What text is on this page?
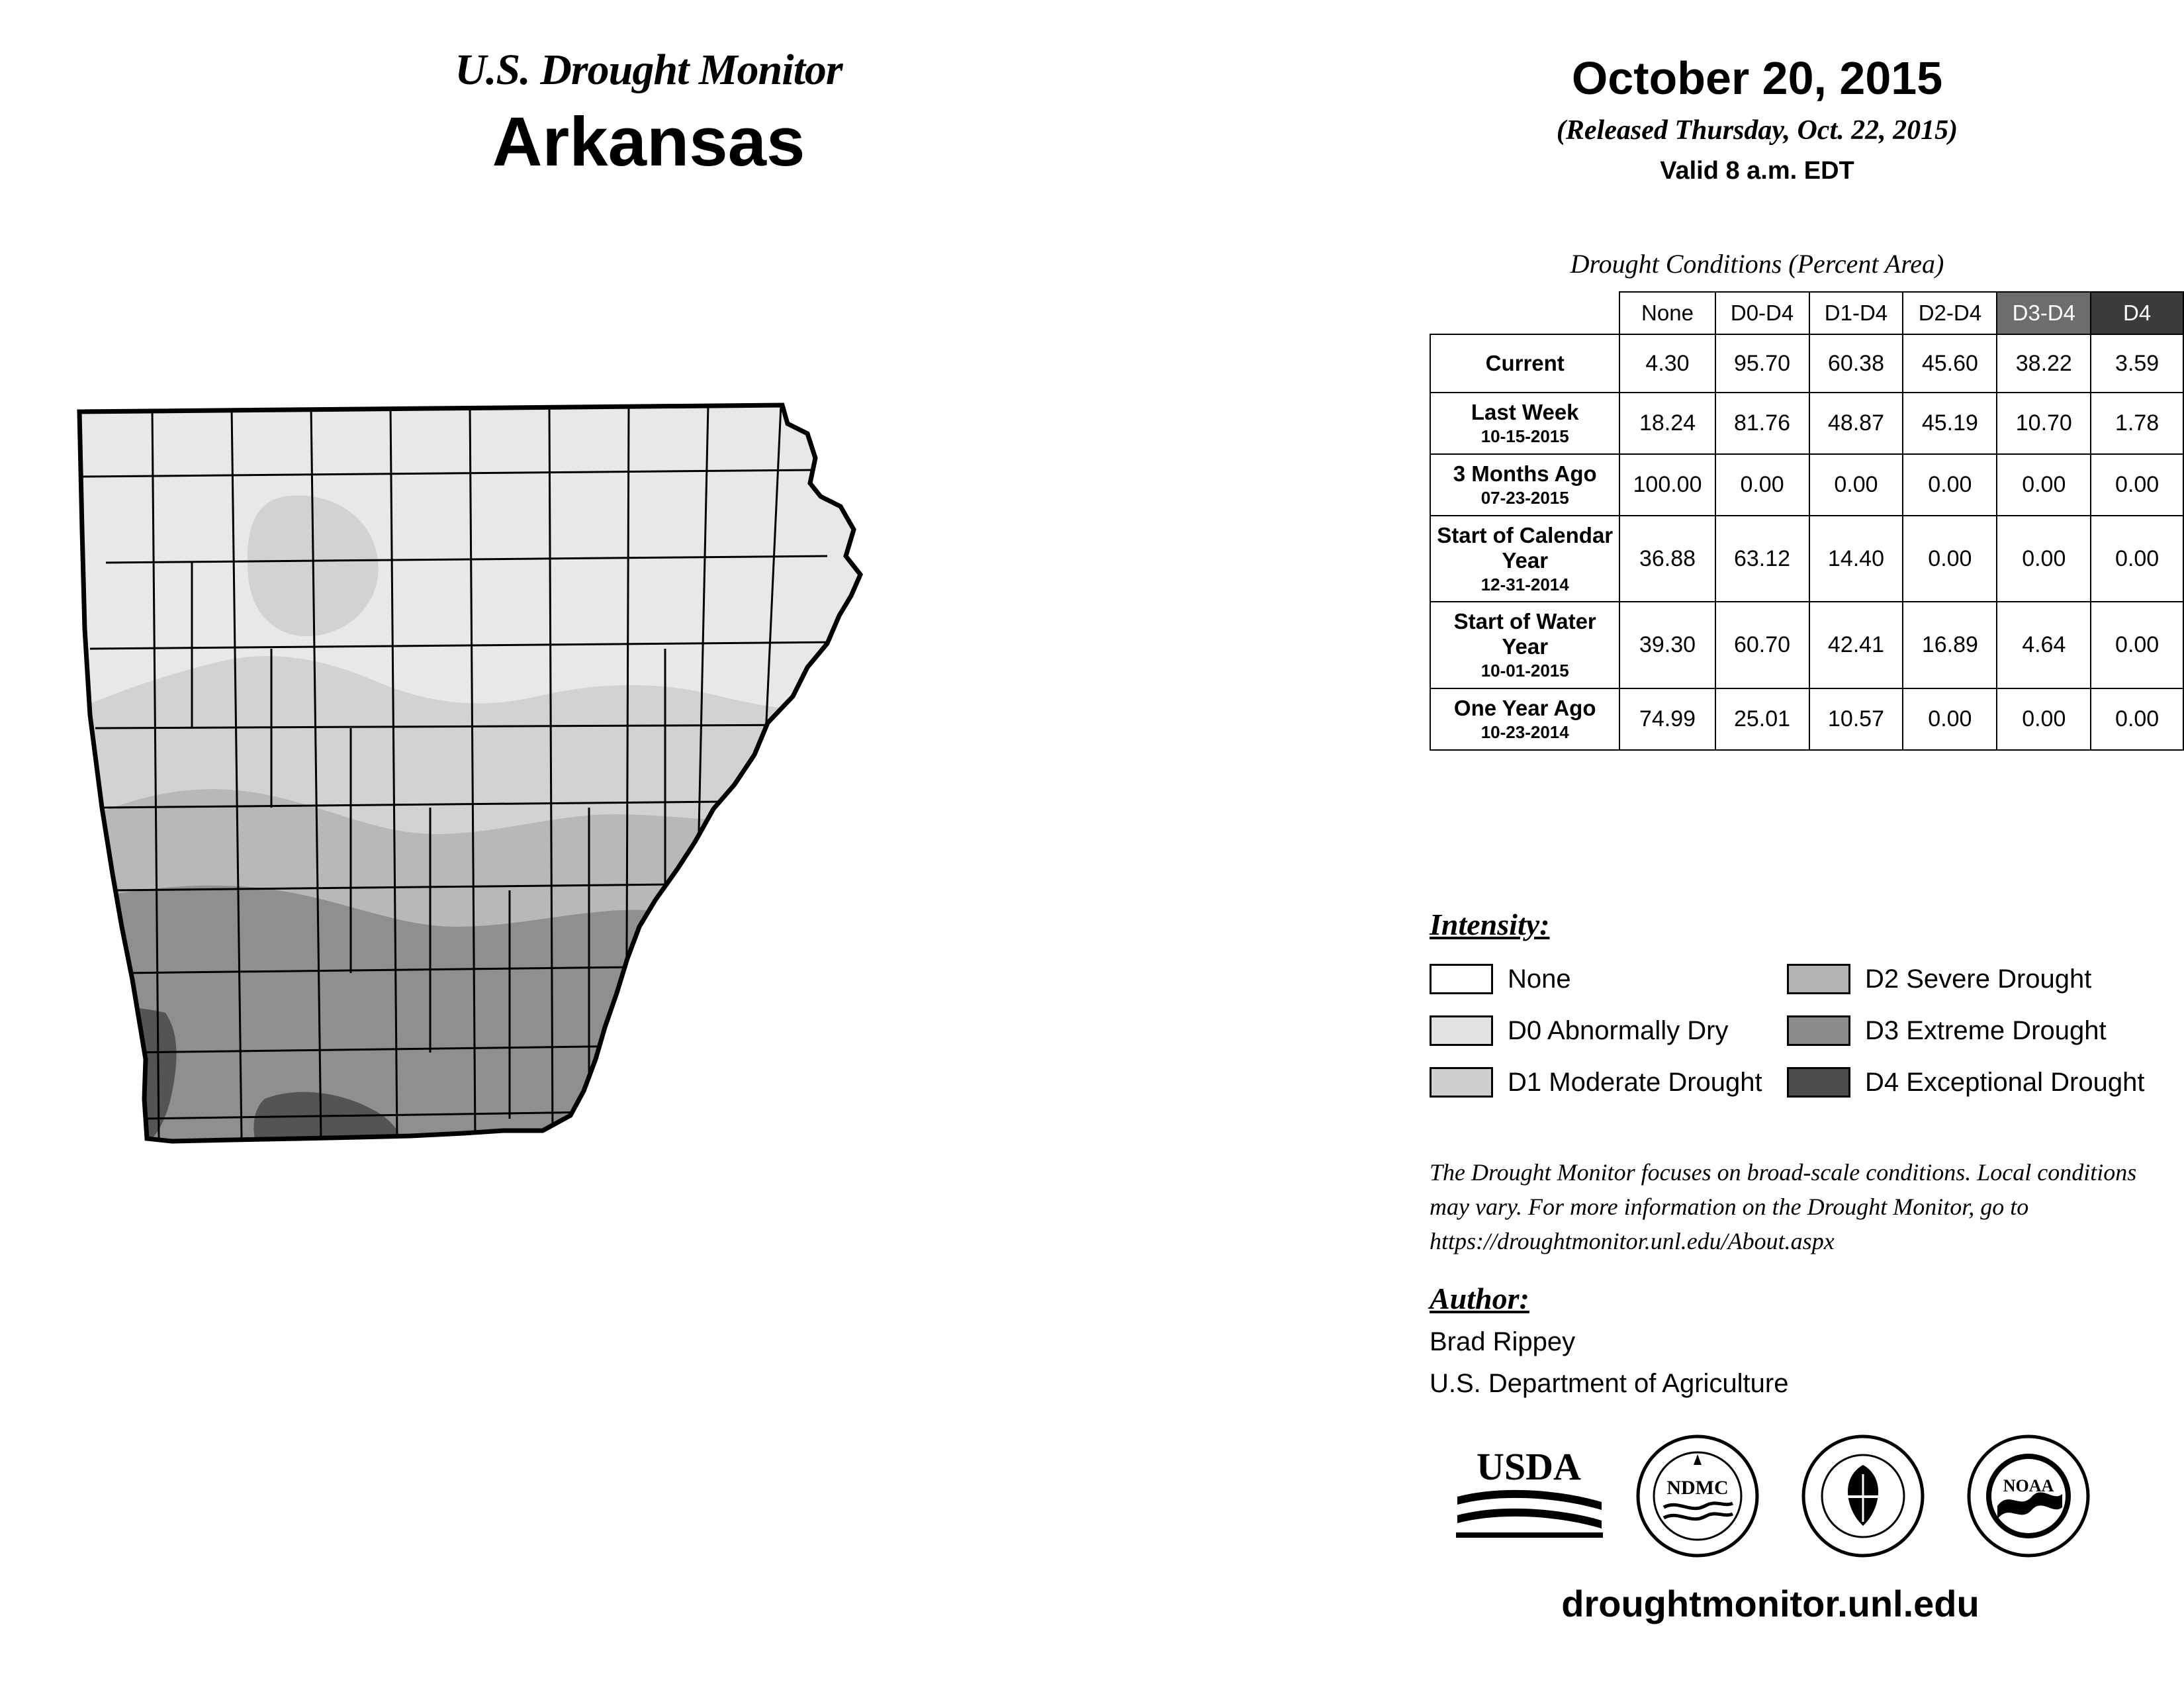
U.S. Drought Monitor
Arkansas
October 20, 2015
(Released Thursday, Oct. 22, 2015)
Valid 8 a.m. EDT
Drought Conditions (Percent Area)
	None	D0-D4	D1-D4	D2-D4	D3-D4	D4
Current	4.30	95.70	60.38	45.60	38.22	3.59
Last Week
10-15-2015	18.24	81.76	48.87	45.19	10.70	1.78
3 Months Ago
07-23-2015	100.00	0.00	0.00	0.00	0.00	0.00
Start of Calendar Year
12-31-2014	36.88	63.12	14.40	0.00	0.00	0.00
Start of Water Year
10-01-2015	39.30	60.70	42.41	16.89	4.64	0.00
One Year Ago
10-23-2014	74.99	25.01	10.57	0.00	0.00	0.00
Intensity:
None
D0 Abnormally Dry
D1 Moderate Drought
D2 Severe Drought
D3 Extreme Drought
D4 Exceptional Drought
The Drought Monitor focuses on broad-scale conditions. Local conditions may vary. For more information on the Drought Monitor, go to https://droughtmonitor.unl.edu/About.aspx
Author:
Brad Rippey
U.S. Department of Agriculture
USDA	NDMC	NOAA
droughtmonitor.unl.edu
